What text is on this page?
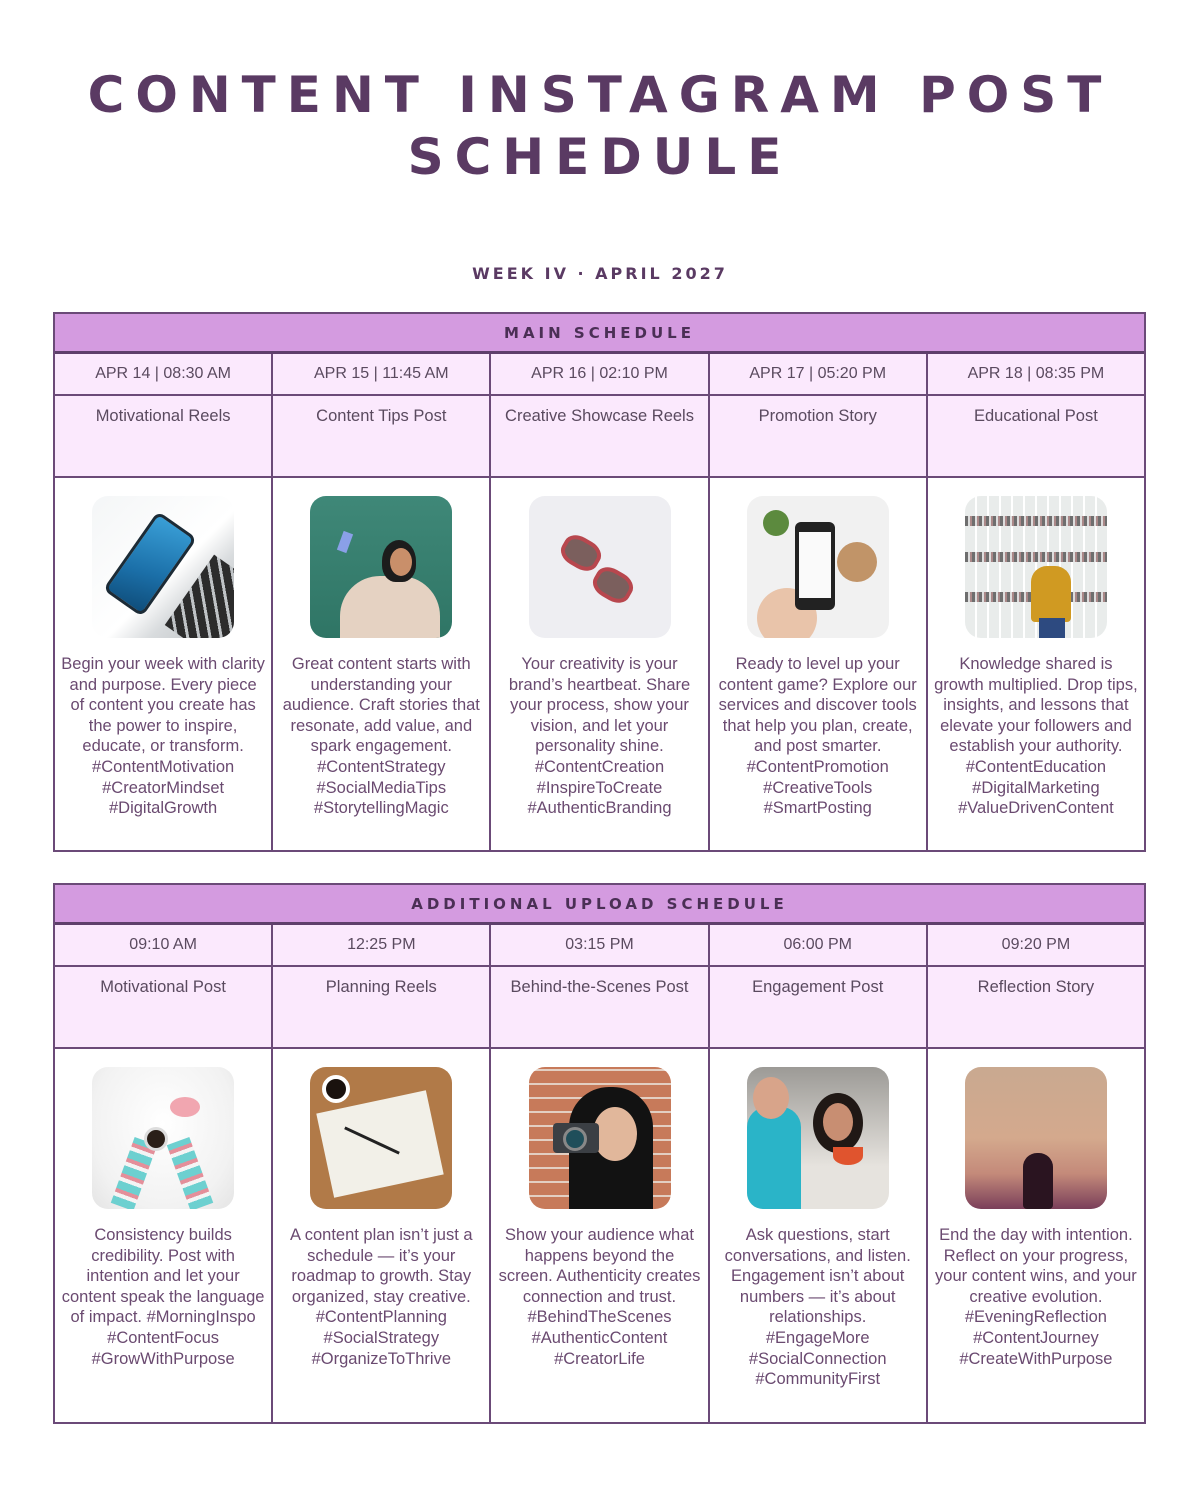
CONTENT INSTAGRAM POST
SCHEDULE
WEEK IV · APRIL 2027
MAIN SCHEDULE
APR 14 | 08:30 AM	APR 15 | 11:45 AM	APR 16 | 02:10 PM	APR 17 | 05:20 PM	APR 18 | 08:35 PM
Motivational Reels	Content Tips Post	Creative Showcase Reels	Promotion Story	Educational Post
Begin your week with clarity and purpose. Every piece of content you create has the power to inspire, educate, or transform. #ContentMotivation #CreatorMindset #DigitalGrowth
Great content starts with understanding your audience. Craft stories that resonate, add value, and spark engagement. #ContentStrategy #SocialMediaTips #StorytellingMagic
Your creativity is your brand’s heartbeat. Share your process, show your vision, and let your personality shine. #ContentCreation #InspireToCreate #AuthenticBranding
Ready to level up your content game? Explore our services and discover tools that help you plan, create, and post smarter. #ContentPromotion #CreativeTools #SmartPosting
Knowledge shared is growth multiplied. Drop tips, insights, and lessons that elevate your followers and establish your authority. #ContentEducation #DigitalMarketing #ValueDrivenContent
ADDITIONAL UPLOAD SCHEDULE
09:10 AM	12:25 PM	03:15 PM	06:00 PM	09:20 PM
Motivational Post	Planning Reels	Behind-the-Scenes Post	Engagement Post	Reflection Story
Consistency builds credibility. Post with intention and let your content speak the language of impact. #MorningInspo #ContentFocus #GrowWithPurpose
A content plan isn’t just a schedule — it’s your roadmap to growth. Stay organized, stay creative. #ContentPlanning #SocialStrategy #OrganizeToThrive
Show your audience what happens beyond the screen. Authenticity creates connection and trust. #BehindTheScenes #AuthenticContent #CreatorLife
Ask questions, start conversations, and listen. Engagement isn’t about numbers — it’s about relationships. #EngageMore #SocialConnection #CommunityFirst
End the day with intention. Reflect on your progress, your content wins, and your creative evolution. #EveningReflection #ContentJourney #CreateWithPurpose
